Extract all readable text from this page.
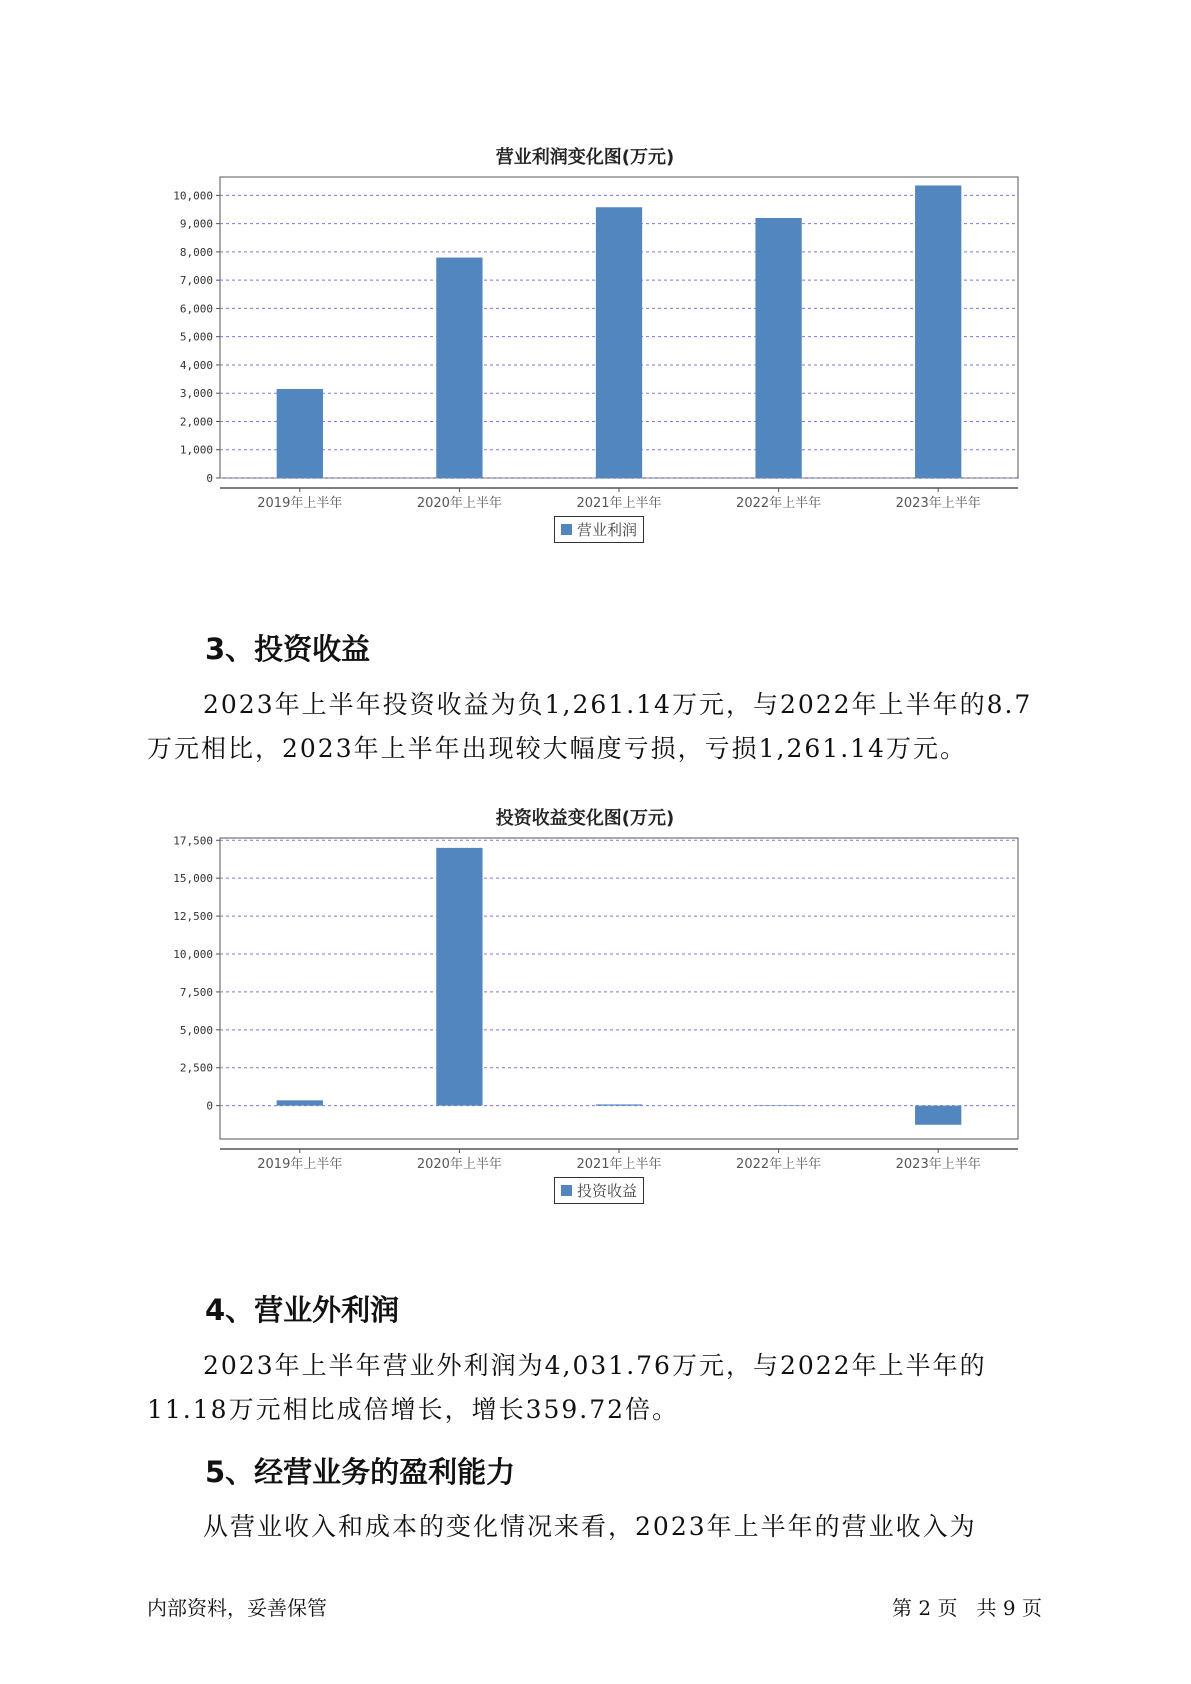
营业利润变化图(万元)
0
1,000
2,000
3,000
4,000
5,000
6,000
7,000
8,000
9,000
10,000
2019年上半年	2020年上半年	2021年上半年	2022年上半年	2023年上半年
营业利润
3、投资收益

2023年上半年投资收益为负1,261.14万元，与2022年上半年的8.7万元相比，2023年上半年出现较大幅度亏损，亏损1,261.14万元。

投资收益变化图(万元)
0
2,500
5,000
7,500
10,000
12,500
15,000
17,500
2019年上半年	2020年上半年	2021年上半年	2022年上半年	2023年上半年
投资收益
4、营业外利润

2023年上半年营业外利润为4,031.76万元，与2022年上半年的11.18万元相比成倍增长，增长359.72倍。

5、经营业务的盈利能力

从营业收入和成本的变化情况来看，2023年上半年的营业收入为

内部资料，妥善保管	第 2 页   共 9 页
